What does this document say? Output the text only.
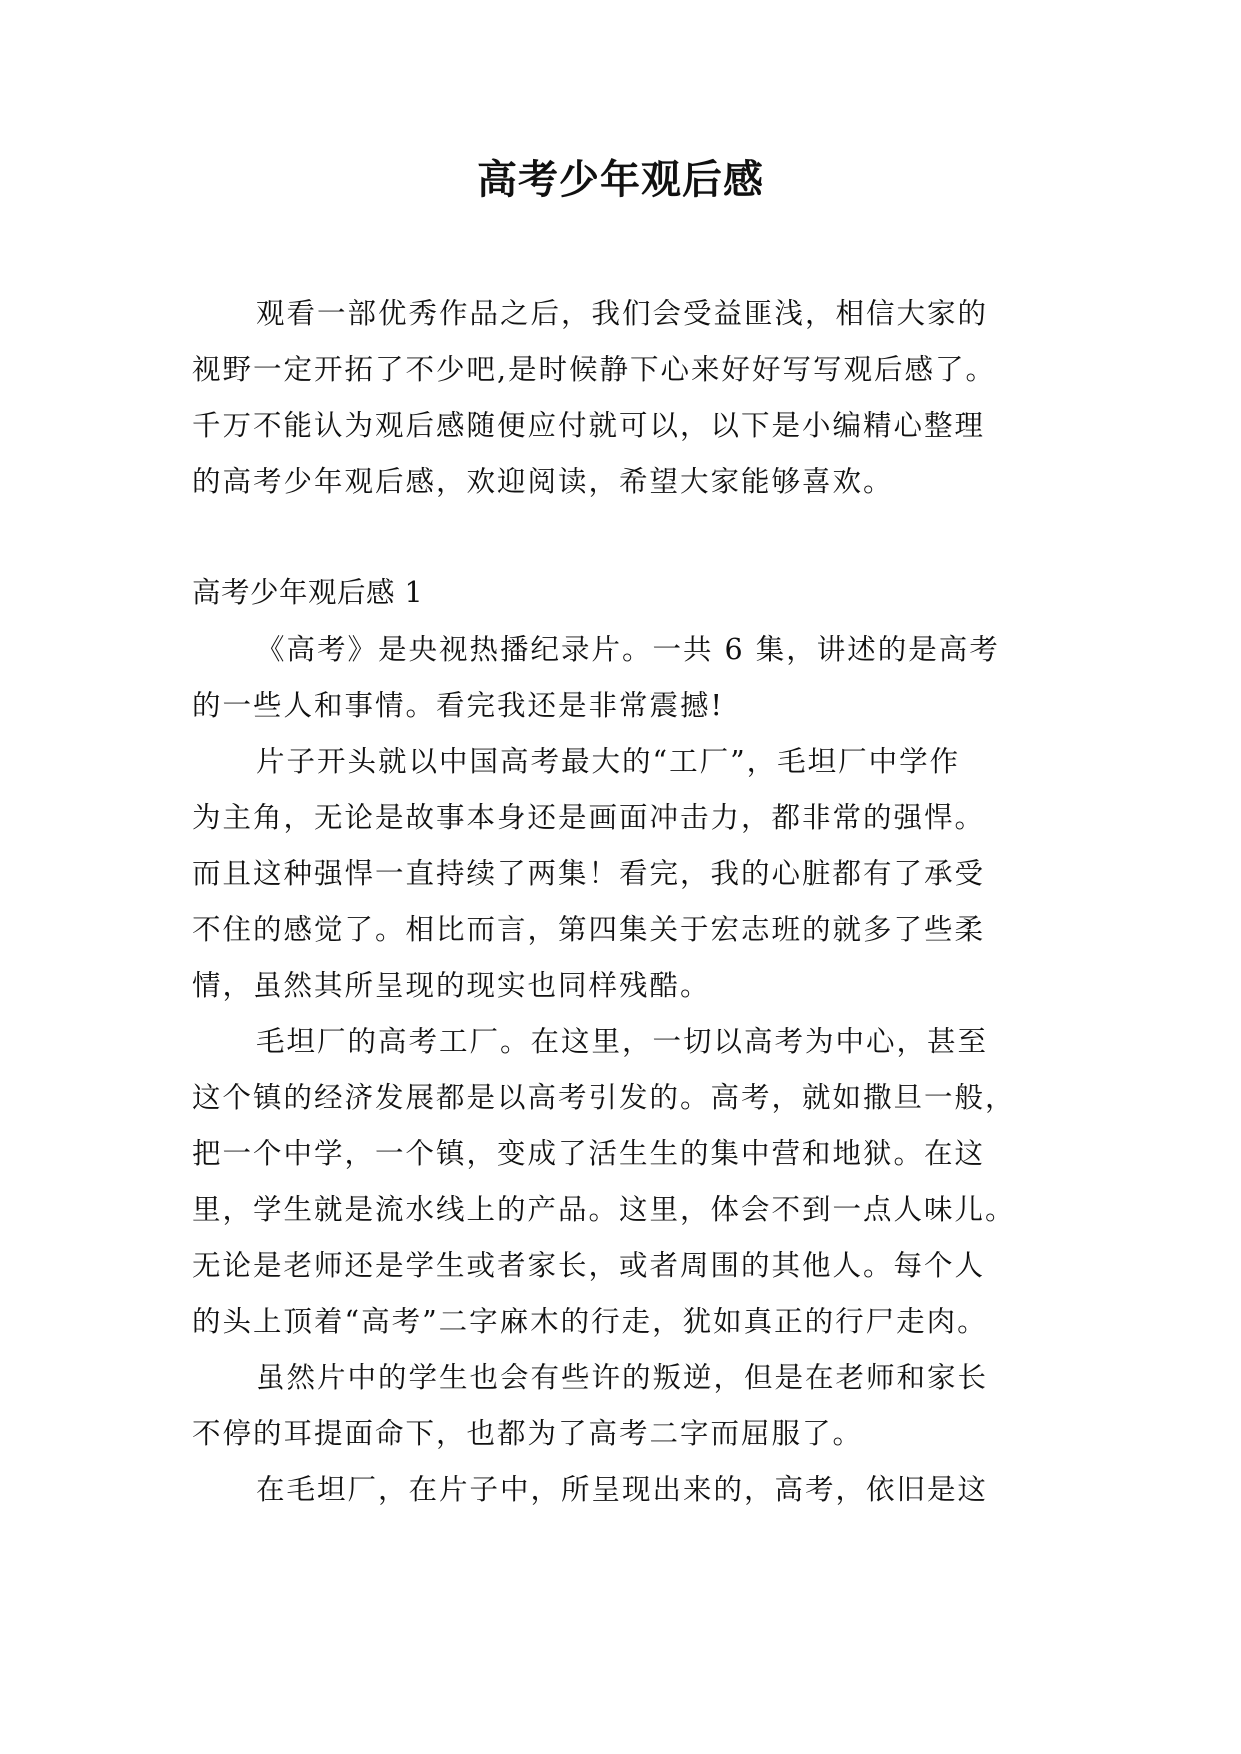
高考少年观后感
观看一部优秀作品之后，我们会受益匪浅，相信大家的
视野一定开拓了不少吧,是时候静下心来好好写写观后感了。
千万不能认为观后感随便应付就可以，以下是小编精心整理
的高考少年观后感，欢迎阅读，希望大家能够喜欢。
高考少年观后感 1
《高考》是央视热播纪录片。一共 6 集，讲述的是高考
的一些人和事情。看完我还是非常震撼!
片子开头就以中国高考最大的“工厂”，毛坦厂中学作
为主角，无论是故事本身还是画面冲击力，都非常的强悍。
而且这种强悍一直持续了两集！看完，我的心脏都有了承受
不住的感觉了。相比而言，第四集关于宏志班的就多了些柔
情，虽然其所呈现的现实也同样残酷。
毛坦厂的高考工厂。在这里，一切以高考为中心，甚至
这个镇的经济发展都是以高考引发的。高考，就如撒旦一般，
把一个中学，一个镇，变成了活生生的集中营和地狱。在这
里，学生就是流水线上的产品。这里，体会不到一点人味儿。
无论是老师还是学生或者家长，或者周围的其他人。每个人
的头上顶着“高考”二字麻木的行走，犹如真正的行尸走肉。
虽然片中的学生也会有些许的叛逆，但是在老师和家长
不停的耳提面命下，也都为了高考二字而屈服了。
在毛坦厂，在片子中，所呈现出来的，高考，依旧是这
